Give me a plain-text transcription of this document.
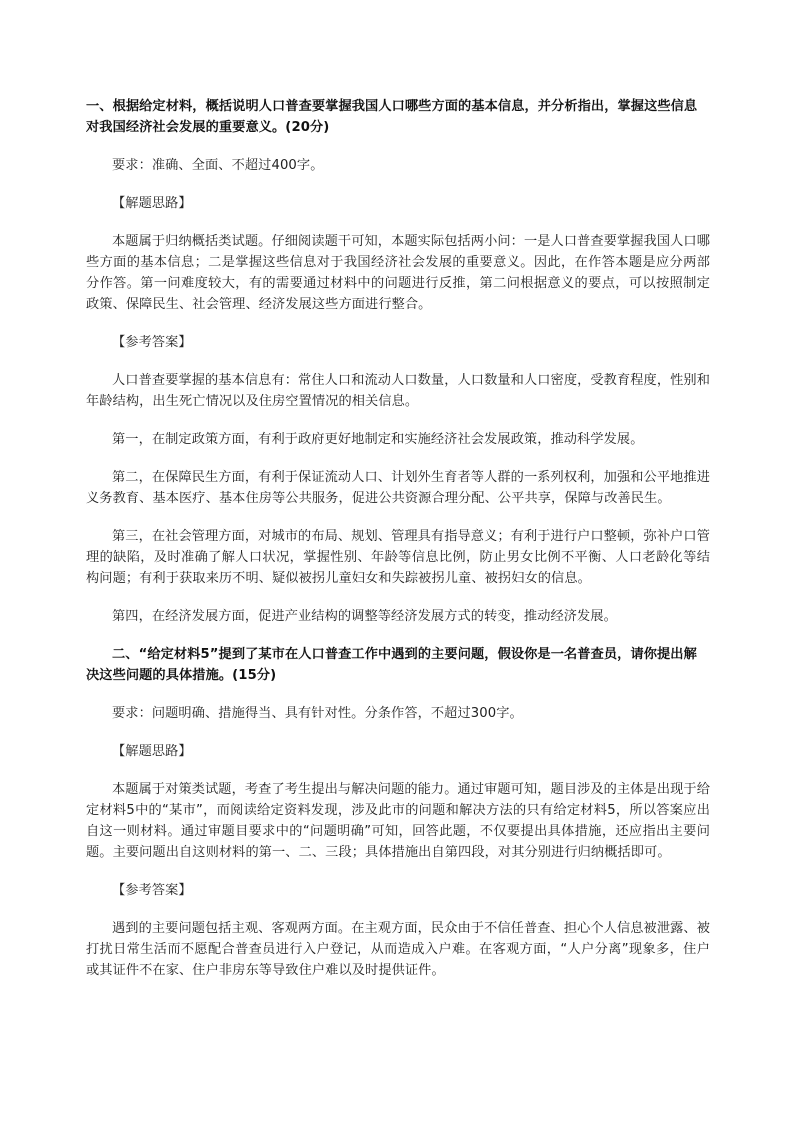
一、根据给定材料，概括说明人口普查要掌握我国人口哪些方面的基本信息，并分析指出，掌握这些信息对我国经济社会发展的重要意义。(20分)

要求：准确、全面、不超过400字。

【解题思路】

本题属于归纳概括类试题。仔细阅读题干可知，本题实际包括两小问：一是人口普查要掌握我国人口哪些方面的基本信息；二是掌握这些信息对于我国经济社会发展的重要意义。因此，在作答本题是应分两部分作答。第一问难度较大，有的需要通过材料中的问题进行反推，第二问根据意义的要点，可以按照制定政策、保障民生、社会管理、经济发展这些方面进行整合。

【参考答案】

人口普查要掌握的基本信息有：常住人口和流动人口数量，人口数量和人口密度，受教育程度，性别和年龄结构，出生死亡情况以及住房空置情况的相关信息。

第一，在制定政策方面，有利于政府更好地制定和实施经济社会发展政策，推动科学发展。

第二，在保障民生方面，有利于保证流动人口、计划外生育者等人群的一系列权利，加强和公平地推进义务教育、基本医疗、基本住房等公共服务，促进公共资源合理分配、公平共享，保障与改善民生。

第三，在社会管理方面，对城市的布局、规划、管理具有指导意义；有利于进行户口整顿，弥补户口管理的缺陷，及时准确了解人口状况，掌握性别、年龄等信息比例，防止男女比例不平衡、人口老龄化等结构问题；有利于获取来历不明、疑似被拐儿童妇女和失踪被拐儿童、被拐妇女的信息。

第四，在经济发展方面，促进产业结构的调整等经济发展方式的转变，推动经济发展。

二、“给定材料5”提到了某市在人口普查工作中遇到的主要问题，假设你是一名普查员，请你提出解决这些问题的具体措施。(15分)

要求：问题明确、措施得当、具有针对性。分条作答，不超过300字。

【解题思路】

本题属于对策类试题，考查了考生提出与解决问题的能力。通过审题可知，题目涉及的主体是出现于给定材料5中的“某市”，而阅读给定资料发现，涉及此市的问题和解决方法的只有给定材料5，所以答案应出自这一则材料。通过审题目要求中的“问题明确”可知，回答此题，不仅要提出具体措施，还应指出主要问题。主要问题出自这则材料的第一、二、三段；具体措施出自第四段，对其分别进行归纳概括即可。

【参考答案】

遇到的主要问题包括主观、客观两方面。在主观方面，民众由于不信任普查、担心个人信息被泄露、被打扰日常生活而不愿配合普查员进行入户登记，从而造成入户难。在客观方面，“人户分离”现象多，住户或其证件不在家、住户非房东等导致住户难以及时提供证件。
